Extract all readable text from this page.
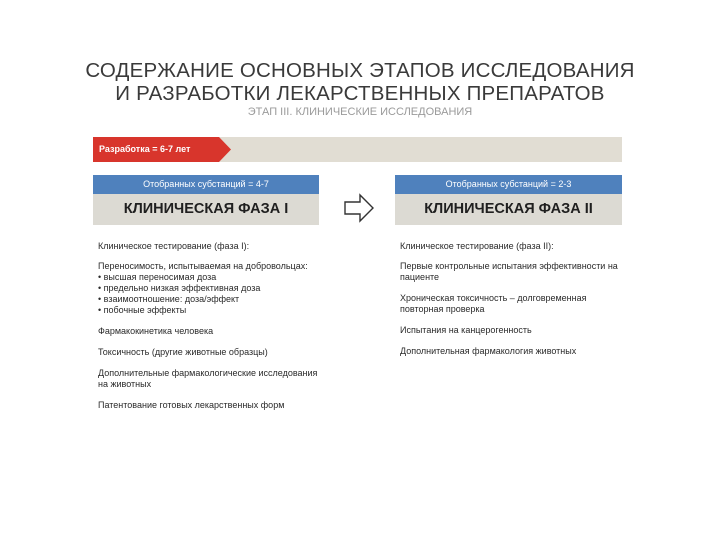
СОДЕРЖАНИЕ ОСНОВНЫХ ЭТАПОВ ИССЛЕДОВАНИЯ
И РАЗРАБОТКИ ЛЕКАРСТВЕННЫХ ПРЕПАРАТОВ
ЭТАП III. КЛИНИЧЕСКИЕ ИССЛЕДОВАНИЯ
Разработка = 6-7 лет
Отобранных субстанций = 4-7
КЛИНИЧЕСКАЯ ФАЗА I
Отобранных субстанций = 2-3
КЛИНИЧЕСКАЯ ФАЗА II
Клиническое тестирование (фаза I):
Переносимость, испытываемая на добровольцах:
• высшая переносимая доза
• предельно низкая эффективная доза
• взаимоотношение: доза/эффект
• побочные эффекты
Фармакокинетика человека
Токсичность (другие животные образцы)
Дополнительные фармакологические исследования на животных
Патентование готовых лекарственных форм
Клиническое тестирование (фаза II):
Первые контрольные испытания эффективности на пациенте
Хроническая токсичность – долговременная повторная проверка
Испытания на канцерогенность
Дополнительная фармакология животных
